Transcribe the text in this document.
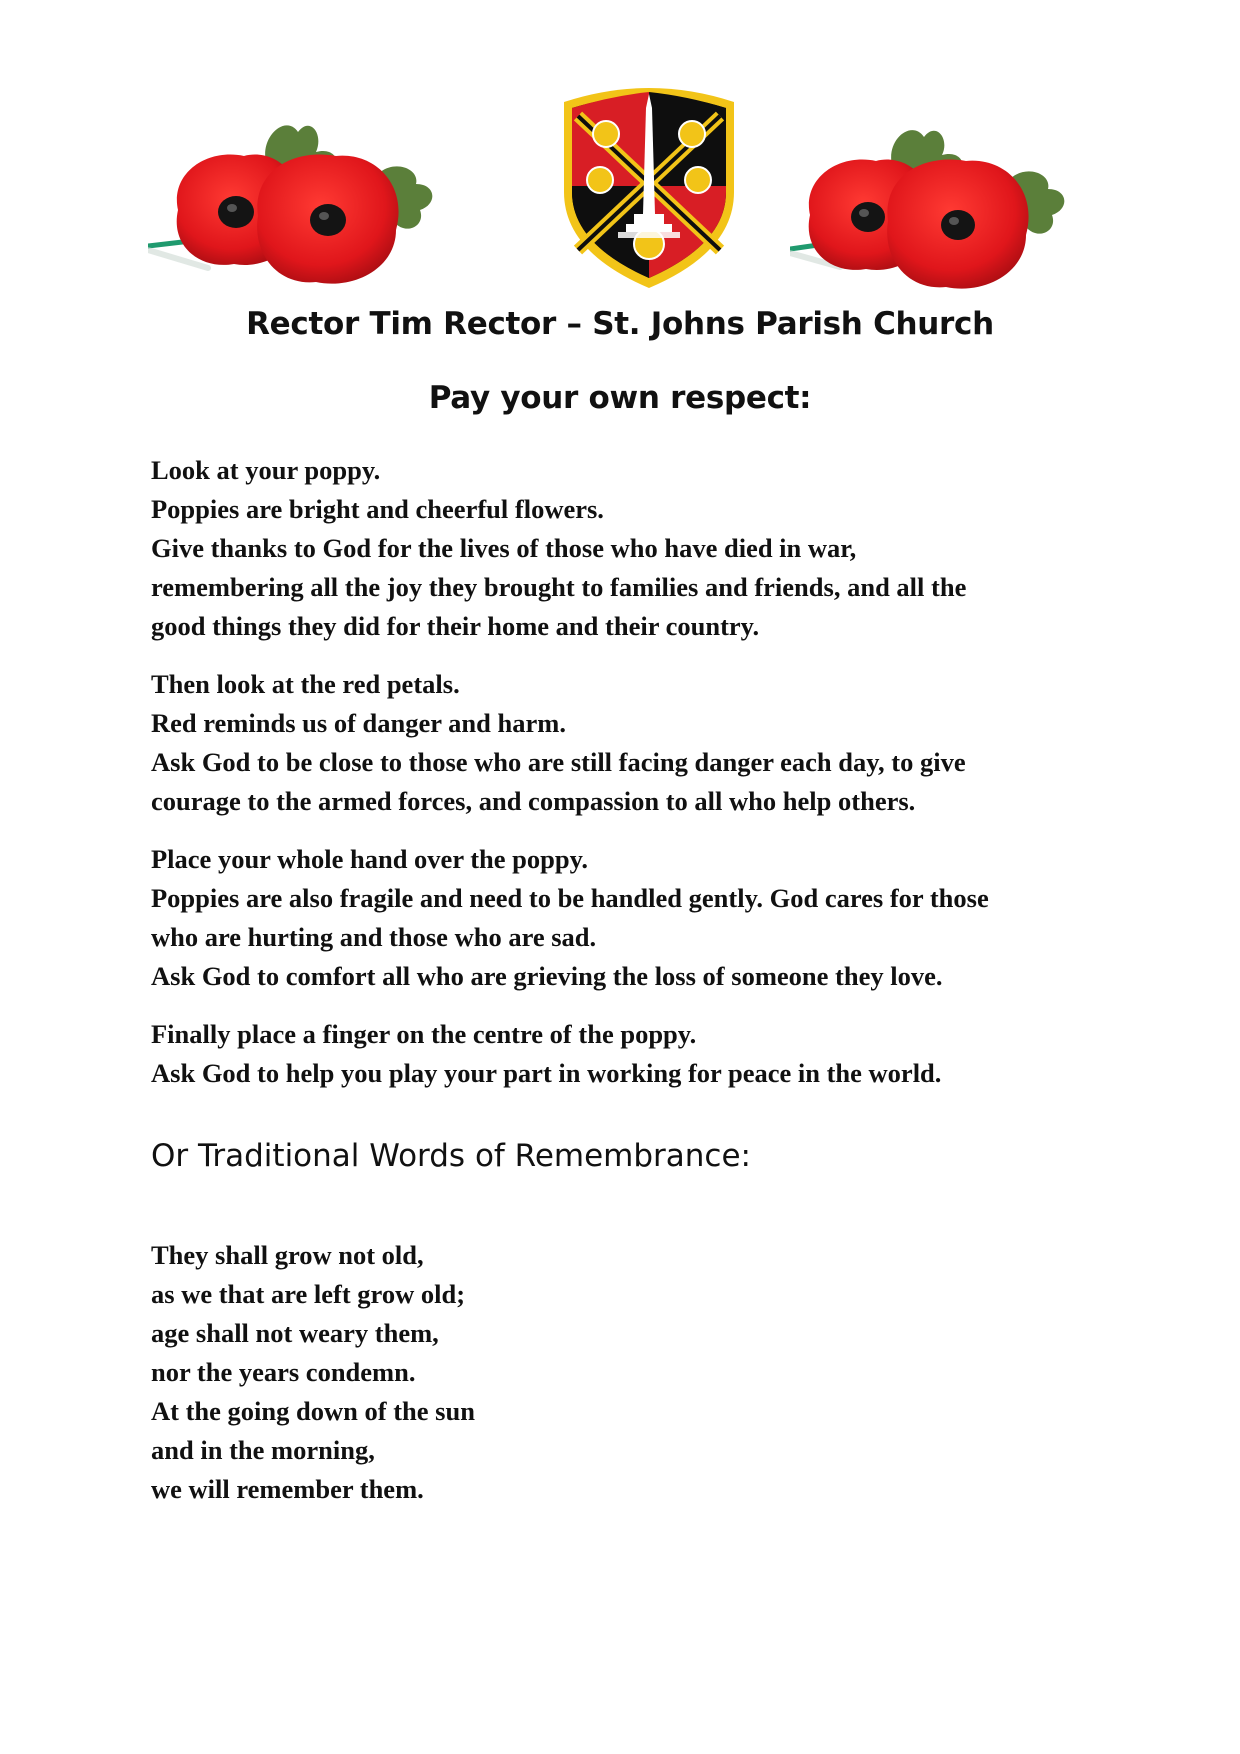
Rector Tim Rector – St. Johns Parish Church
Pay your own respect:

Look at your poppy.
Poppies are bright and cheerful flowers.
Give thanks to God for the lives of those who have died in war,
remembering all the joy they brought to families and friends, and all the
good things they did for their home and their country.

Then look at the red petals.
Red reminds us of danger and harm.
Ask God to be close to those who are still facing danger each day, to give
courage to the armed forces, and compassion to all who help others.

Place your whole hand over the poppy.
Poppies are also fragile and need to be handled gently. God cares for those
who are hurting and those who are sad.
Ask God to comfort all who are grieving the loss of someone they love.

Finally place a finger on the centre of the poppy.
Ask God to help you play your part in working for peace in the world.

Or Traditional Words of Remembrance:

They shall grow not old,
as we that are left grow old;
age shall not weary them,
nor the years condemn.
At the going down of the sun
and in the morning,
we will remember them.
